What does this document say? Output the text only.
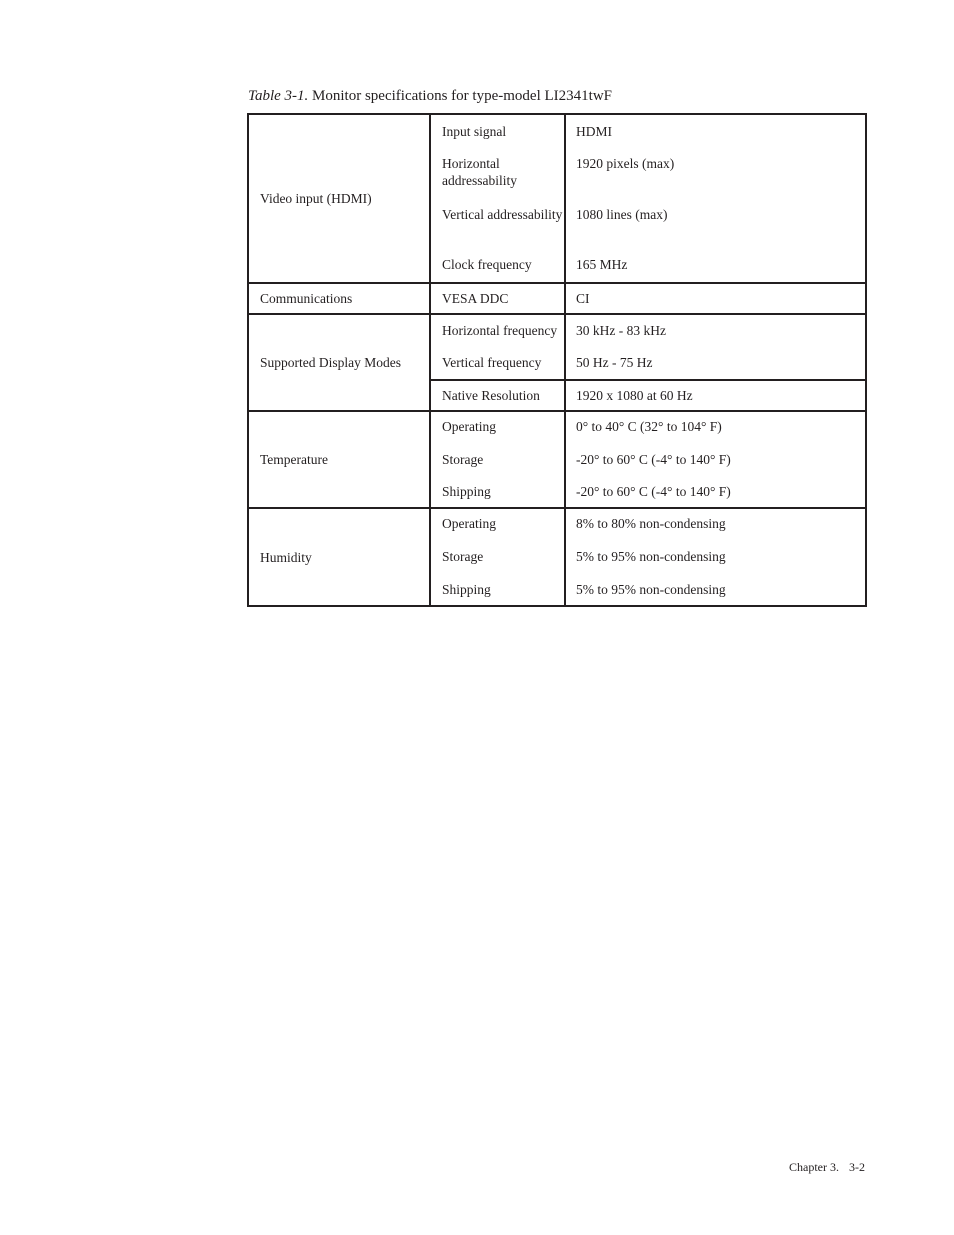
Table 3-1. Monitor specifications for type-model LI2341twF
Video input (HDMI)	Input signal	HDMI
	Horizontal addressability	1920 pixels (max)
	Vertical addressability	1080 lines (max)
	Clock frequency	165 MHz
Communications	VESA DDC	CI
Supported Display Modes	Horizontal frequency	30 kHz - 83 kHz
	Vertical frequency	50 Hz - 75 Hz
	Native Resolution	1920 x 1080 at 60 Hz
Temperature	Operating	0° to 40° C (32° to 104° F)
	Storage	-20° to 60° C (-4° to 140° F)
	Shipping	-20° to 60° C (-4° to 140° F)
Humidity	Operating	8% to 80% non-condensing
	Storage	5% to 95% non-condensing
	Shipping	5% to 95% non-condensing
Chapter 3. 3-2
